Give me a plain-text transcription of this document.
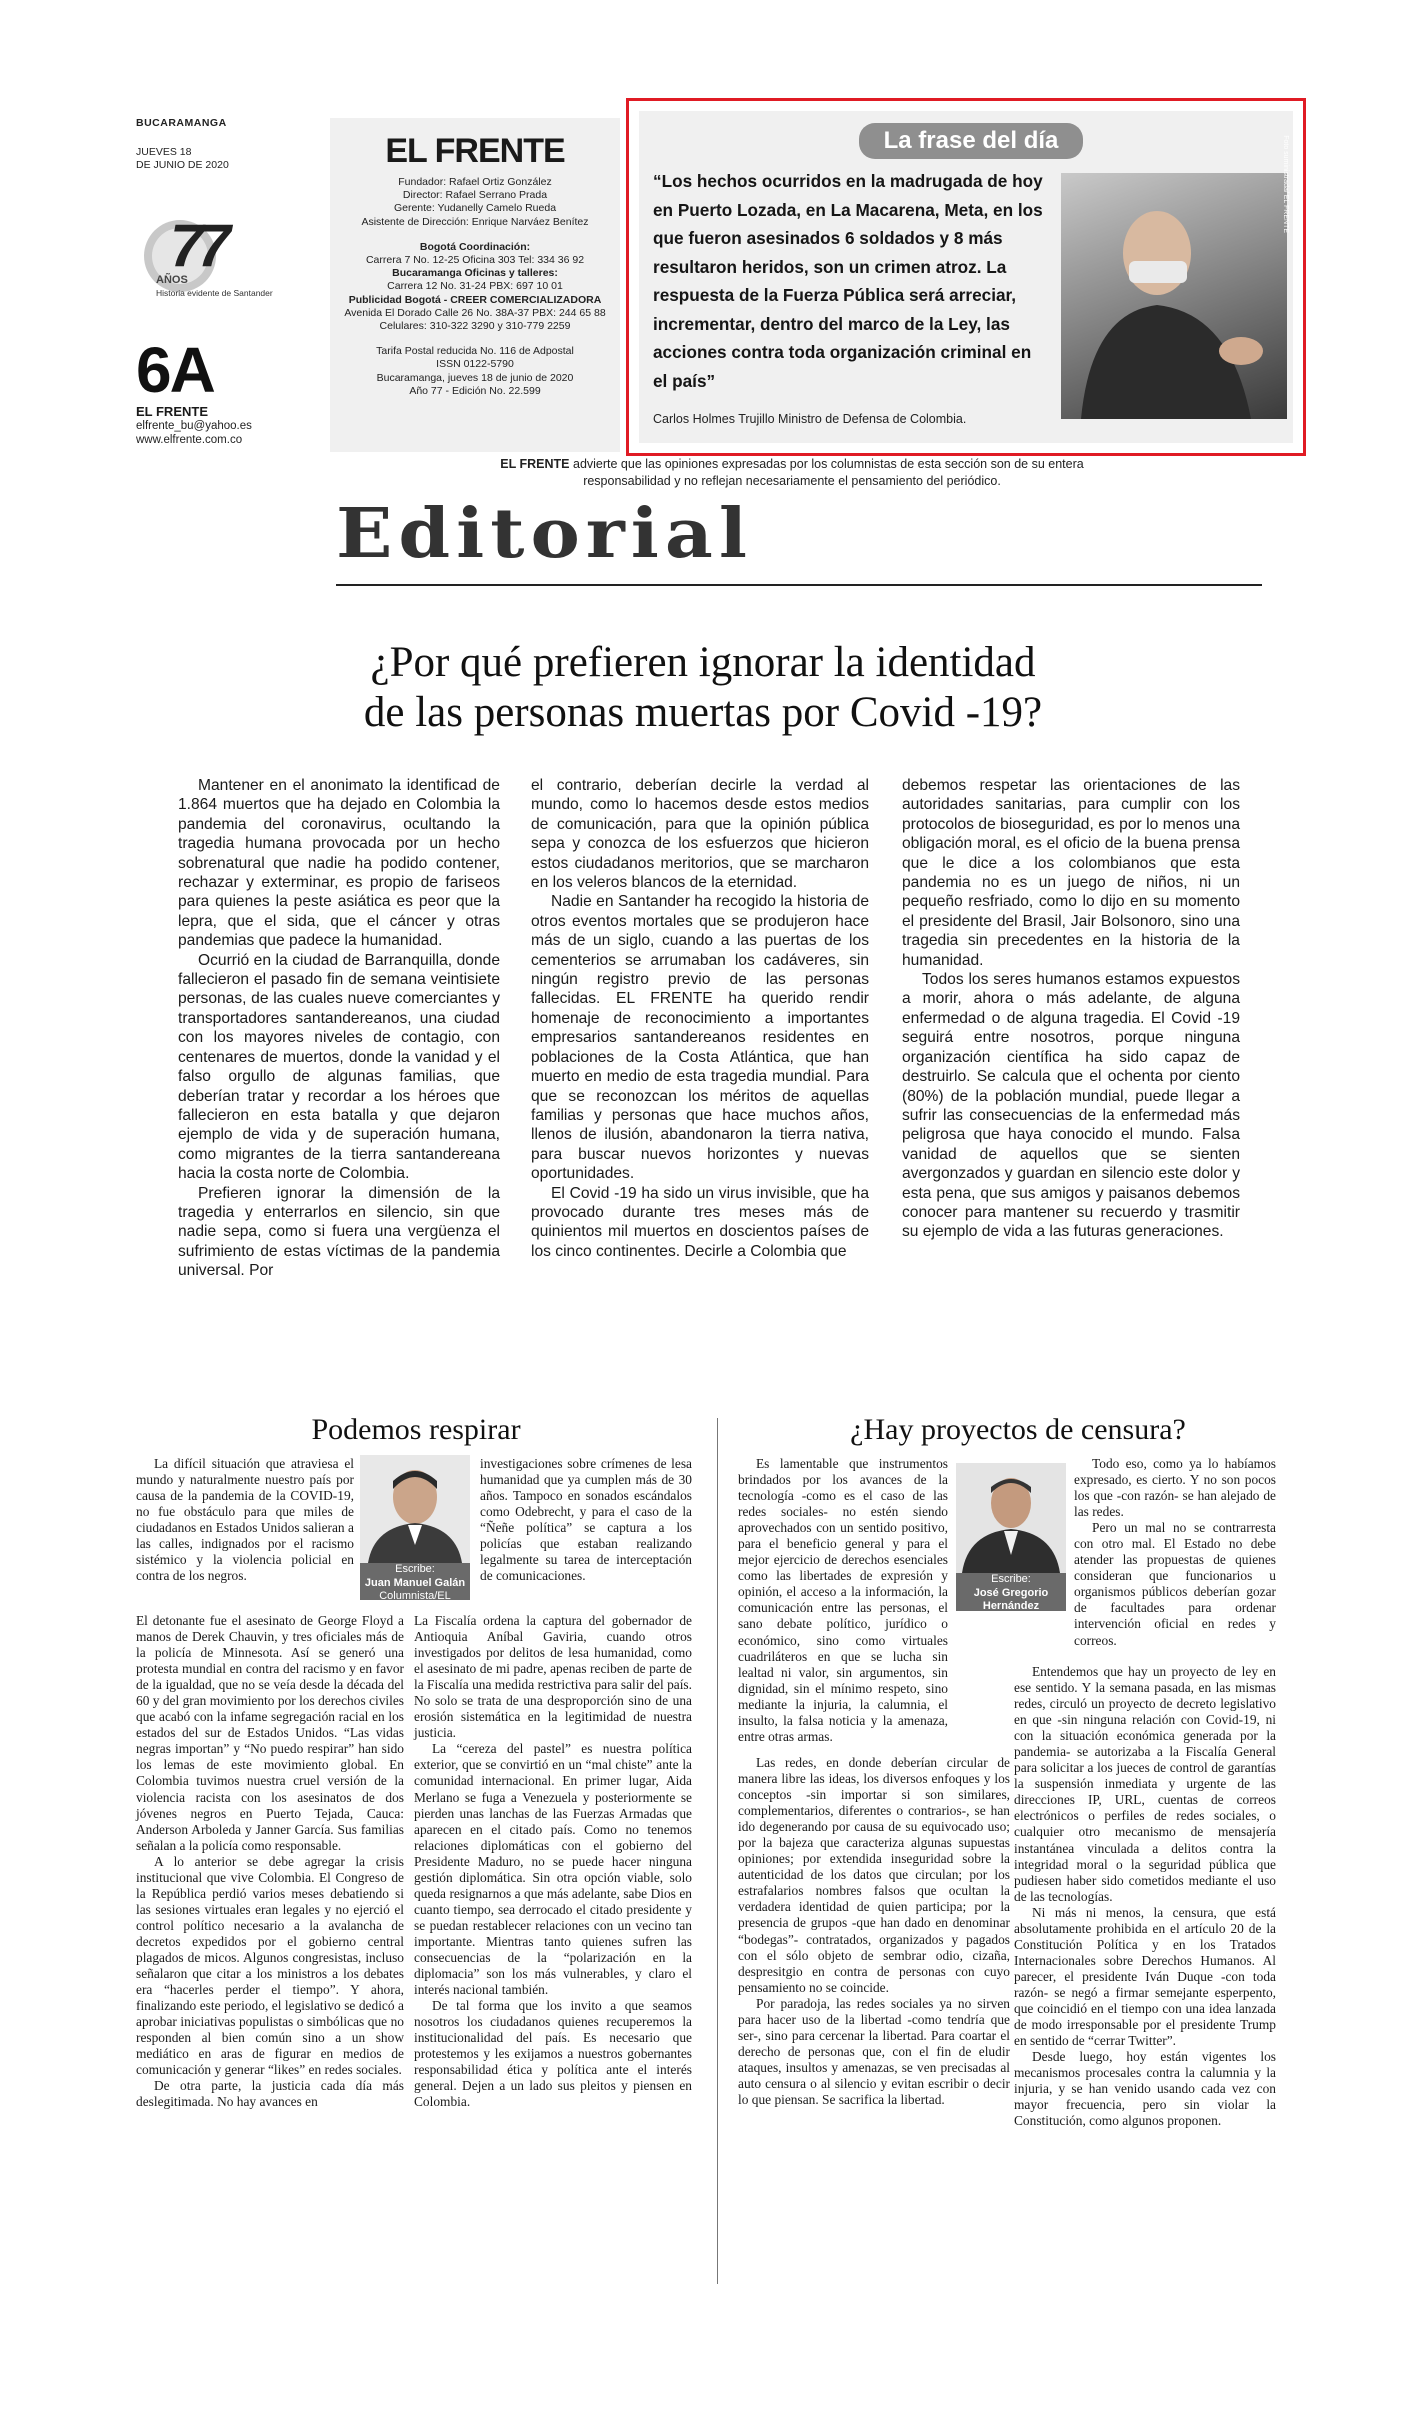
BUCARAMANGA
JUEVES 18
DE JUNIO DE 2020
77
AÑOS
Historia evidente de Santander
6A
EL FRENTE
elfrente_bu@yahoo.es
www.elfrente.com.co
EL FRENTE
Fundador: Rafael Ortiz González
Director: Rafael Serrano Prada
Gerente: Yudanelly Camelo Rueda
Asistente de Dirección: Enrique Narváez Benítez
Bogotá Coordinación:
Carrera 7 No. 12-25 Oficina 303 Tel: 334 36 92
Bucaramanga Oficinas y talleres:
Carrera 12 No. 31-24 PBX: 697 10 01
Publicidad Bogotá - CREER COMERCIALIZADORA
Avenida El Dorado Calle 26 No. 38A-37 PBX: 244 65 88
Celulares: 310-322 3290 y 310-779 2259
Tarifa Postal reducida No. 116 de Adpostal
ISSN 0122-5790
Bucaramanga, jueves 18 de junio de 2020
Año 77 - Edición No. 22.599
La frase del día
“Los hechos ocurridos en la madrugada de hoy en Puerto Lozada, en La Macarena, Meta, en los que fueron asesinados 6 soldados y 8 más resultaron heridos, son un crimen atroz. La respuesta de la Fuerza Pública será arreciar, incrementar, dentro del marco de la Ley, las acciones contra toda organización criminal en el país”
Carlos Holmes Trujillo Ministro de Defensa de Colombia.
Foto suministrada/ EL FRENTE
EL FRENTE advierte que las opiniones expresadas por los columnistas de esta sección son de su entera responsabilidad y no reflejan necesariamente el pensamiento del periódico.
Editorial
¿Por qué prefieren ignorar la identidad
de las personas muertas por Covid -19?

Mantener en el anonimato la identificad de 1.864 muertos que ha dejado en Colombia la pandemia del coronavirus, ocultando la tragedia humana provocada por un hecho sobrenatural que nadie ha podido contener, rechazar y exterminar, es propio de fariseos para quienes la peste asiática es peor que la lepra, que el sida, que el cáncer y otras pandemias que padece la humanidad.

Ocurrió en la ciudad de Barranquilla, donde fallecieron el pasado fin de semana veintisiete personas, de las cuales nueve comerciantes y transportadores santandereanos, una ciudad con los mayores niveles de contagio, con centenares de muertos, donde la vanidad y el falso orgullo de algunas familias, que deberían tratar y recordar a los héroes que fallecieron en esta batalla y que dejaron ejemplo de vida y de superación humana, como migrantes de la tierra santandereana hacia la costa norte de Colombia.

Prefieren ignorar la dimensión de la tragedia y enterrarlos en silencio, sin que nadie sepa, como si fuera una vergüenza el sufrimiento de estas víctimas de la pandemia universal. Por

el contrario, deberían decirle la verdad al mundo, como lo hacemos desde estos medios de comunicación, para que la opinión pública sepa y conozca de los esfuerzos que hicieron estos ciudadanos meritorios, que se marcharon en los veleros blancos de la eternidad.

Nadie en Santander ha recogido la historia de otros eventos mortales que se produjeron hace más de un siglo, cuando a las puertas de los cementerios se arrumaban los cadáveres, sin ningún registro previo de las personas fallecidas. EL FRENTE ha querido rendir homenaje de reconocimiento a importantes empresarios santandereanos residentes en poblaciones de la Costa Atlántica, que han muerto en medio de esta tragedia mundial. Para que se reconozcan los méritos de aquellas familias y personas que hace muchos años, llenos de ilusión, abandonaron la tierra nativa, para buscar nuevos horizontes y nuevas oportunidades.

El Covid -19 ha sido un virus invisible, que ha provocado durante tres meses más de quinientos mil muertos en doscientos países de los cinco continentes. Decirle a Colombia que

debemos respetar las orientaciones de las autoridades sanitarias, para cumplir con los protocolos de bioseguridad, es por lo menos una obligación moral, es el oficio de la buena prensa que le dice a los colombianos que esta pandemia no es un juego de niños, ni un pequeño resfriado, como lo dijo en su momento el presidente del Brasil, Jair Bolsonoro, sino una tragedia sin precedentes en la historia de la humanidad.

Todos los seres humanos estamos expuestos a morir, ahora o más adelante, de alguna enfermedad o de alguna tragedia. El Covid -19 seguirá entre nosotros, porque ninguna organización científica ha sido capaz de destruirlo. Se calcula que el ochenta por ciento (80%) de la población mundial, puede llegar a sufrir las consecuencias de la enfermedad más peligrosa que haya conocido el mundo. Falsa vanidad de aquellos que se sienten avergonzados y guardan en silencio este dolor y esta pena, que sus amigos y paisanos debemos conocer para mantener su recuerdo y trasmitir su ejemplo de vida a las futuras generaciones.

Podemos respirar
Escribe:
Juan Manuel Galán
Columnista/EL FRENTE

La difícil situación que atraviesa el mundo y naturalmente nuestro país por causa de la pandemia de la COVID-19, no fue obstáculo para que miles de ciudadanos en Estados Unidos salieran a las calles, indignados por el racismo sistémico y la violencia policial en contra de los negros.

El detonante fue el asesinato de George Floyd a manos de Derek Chauvin, y tres oficiales más de la policía de Minnesota. Así se generó una protesta mundial en contra del racismo y en favor de la igualdad, que no se veía desde la década del 60 y del gran movimiento por los derechos civiles que acabó con la infame segregación racial en los estados del sur de Estados Unidos. “Las vidas negras importan” y “No puedo respirar” han sido los lemas de este movimiento global. En Colombia tuvimos nuestra cruel versión de la violencia racista con los asesinatos de dos jóvenes negros en Puerto Tejada, Cauca: Anderson Arboleda y Janner García. Sus familias señalan a la policía como responsable.

A lo anterior se debe agregar la crisis institucional que vive Colombia. El Congreso de la República perdió varios meses debatiendo si las sesiones virtuales eran legales y no ejerció el control político necesario a la avalancha de decretos expedidos por el gobierno central plagados de micos. Algunos congresistas, incluso señalaron que citar a los ministros a los debates era “hacerles perder el tiempo”. Y ahora, finalizando este periodo, el legislativo se dedicó a aprobar iniciativas populistas o simbólicas que no responden al bien común sino a un show mediático en aras de figurar en medios de comunicación y generar “likes” en redes sociales.

De otra parte, la justicia cada día más deslegitimada. No hay avances en

investigaciones sobre crímenes de lesa humanidad que ya cumplen más de 30 años. Tampoco en sonados escándalos como Odebrecht, y para el caso de la “Ñeñe política” se captura a los policías que estaban realizando legalmente su tarea de interceptación de comunicaciones.

La Fiscalía ordena la captura del gobernador de Antioquia Aníbal Gaviria, cuando otros investigados por delitos de lesa humanidad, como el asesinato de mi padre, apenas reciben de parte de la Fiscalía una medida restrictiva para salir del país. No solo se trata de una desproporción sino de una erosión sistemática en la legitimidad de nuestra justicia.

La “cereza del pastel” es nuestra política exterior, que se convirtió en un “mal chiste” ante la comunidad internacional. En primer lugar, Aida Merlano se fuga a Venezuela y posteriormente se pierden unas lanchas de las Fuerzas Armadas que aparecen en el citado país. Como no tenemos relaciones diplomáticas con el gobierno del Presidente Maduro, no se puede hacer ninguna gestión diplomática. Sin otra opción viable, solo queda resignarnos a que más adelante, sabe Dios en cuanto tiempo, sea derrocado el citado presidente y se puedan restablecer relaciones con un vecino tan importante. Mientras tanto quienes sufren las consecuencias de la “polarización en la diplomacia” son los más vulnerables, y claro el interés nacional también.

De tal forma que los invito a que seamos nosotros los ciudadanos quienes recuperemos la institucionalidad del país. Es necesario que protestemos y les exijamos a nuestros gobernantes responsabilidad ética y política ante el interés general. Dejen a un lado sus pleitos y piensen en Colombia.

¿Hay proyectos de censura?
Escribe:
José Gregorio Hernández
Columnista/EL FRENTE

Es lamentable que instrumentos brindados por los avances de la tecnología -como es el caso de las redes sociales- no estén siendo aprovechados con un sentido positivo, para el beneficio general y para el mejor ejercicio de derechos esenciales como las libertades de expresión y opinión, el acceso a la información, la comunicación entre las personas, el sano debate político, jurídico o económico, sino como virtuales cuadriláteros en que se lucha sin lealtad ni valor, sin argumentos, sin dignidad, sin el mínimo respeto, sino mediante la injuria, la calumnia, el insulto, la falsa noticia y la amenaza, entre otras armas.

Las redes, en donde deberían circular de manera libre las ideas, los diversos enfoques y los conceptos -sin importar si son similares, complementarios, diferentes o contrarios-, se han ido degenerando por causa de su equivocado uso; por la bajeza que caracteriza algunas supuestas opiniones; por extendida inseguridad sobre la autenticidad de los datos que circulan; por los estrafalarios nombres falsos que ocultan la verdadera identidad de quien participa; por la presencia de grupos -que han dado en denominar “bodegas”- contratados, organizados y pagados con el sólo objeto de sembrar odio, cizaña, despresitgio en contra de personas con cuyo pensamiento no se coincide.

Por paradoja, las redes sociales ya no sirven para hacer uso de la libertad -como tendría que ser-, sino para cercenar la libertad. Para coartar el derecho de personas que, con el fin de eludir ataques, insultos y amenazas, se ven precisadas al auto censura o al silencio y evitan escribir o decir lo que piensan. Se sacrifica la libertad.

Todo eso, como ya lo habíamos expresado, es cierto. Y no son pocos los que -con razón- se han alejado de las redes.

Pero un mal no se contrarresta con otro mal. El Estado no debe atender las propuestas de quienes consideran que funcionarios u organismos públicos deberían gozar de facultades para ordenar intervención oficial en redes y correos.

Entendemos que hay un proyecto de ley en ese sentido. Y la semana pasada, en las mismas redes, circuló un proyecto de decreto legislativo en que -sin ninguna relación con Covid-19, ni con la situación económica generada por la pandemia- se autorizaba a la Fiscalía General para solicitar a los jueces de control de garantías la suspensión inmediata y urgente de las direcciones IP, URL, cuentas de correos electrónicos o perfiles de redes sociales, o cualquier otro mecanismo de mensajería instantánea vinculada a delitos contra la integridad moral o la seguridad pública que pudiesen haber sido cometidos mediante el uso de las tecnologías.

Ni más ni menos, la censura, que está absolutamente prohibida en el artículo 20 de la Constitución Política y en los Tratados Internacionales sobre Derechos Humanos. Al parecer, el presidente Iván Duque -con toda razón- se negó a firmar semejante esperpento, que coincidió en el tiempo con una idea lanzada de modo irresponsable por el presidente Trump en sentido de “cerrar Twitter”.

Desde luego, hoy están vigentes los mecanismos procesales contra la calumnia y la injuria, y se han venido usando cada vez con mayor frecuencia, pero sin violar la Constitución, como algunos proponen.
